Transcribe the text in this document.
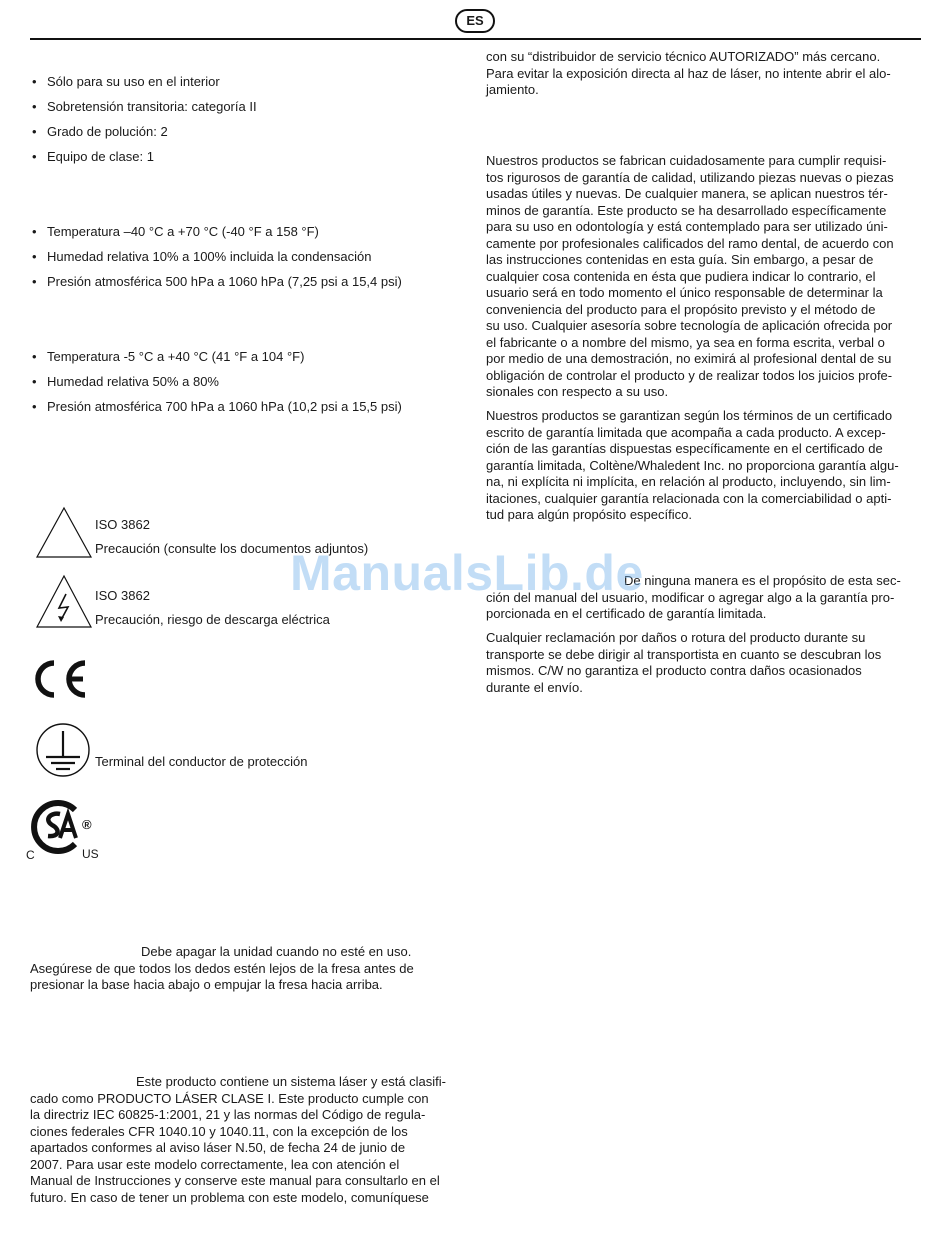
ES
• Sólo para su uso en el interior
• Sobretensión transitoria: categoría II
• Grado de polución: 2
• Equipo de clase: 1
• Temperatura –40 °C a +70 °C (-40 °F a 158 °F)
• Humedad relativa 10% a 100% incluida la condensación
• Presión atmosférica 500 hPa a 1060 hPa (7,25 psi a 15,4 psi)
• Temperatura -5 °C a +40 °C (41 °F a 104 °F)
• Humedad relativa 50% a 80%
• Presión atmosférica 700 hPa a 1060 hPa (10,2 psi a 15,5 psi)
ISO 3862
Precaución (consulte los documentos adjuntos)
ISO 3862
Precaución, riesgo de descarga eléctrica
Terminal del conductor de protección
®
C	US
Debe apagar la unidad cuando no esté en uso.
Asegúrese de que todos los dedos estén lejos de la fresa antes de
presionar la base hacia abajo o empujar la fresa hacia arriba.
Este producto contiene un sistema láser y está clasifi-
cado como PRODUCTO LÁSER CLASE I. Este producto cumple con
la directriz IEC 60825-1:2001, 21 y las normas del Código de regula-
ciones federales CFR 1040.10 y 1040.11, con la excepción de los
apartados conformes al aviso láser N.50, de fecha 24 de junio de
2007. Para usar este modelo correctamente, lea con atención el
Manual de Instrucciones y conserve este manual para consultarlo en el
futuro. En caso de tener un problema con este modelo, comuníquese
con su “distribuidor de servicio técnico AUTORIZADO” más cercano.
Para evitar la exposición directa al haz de láser, no intente abrir el alo-
jamiento.
Nuestros productos se fabrican cuidadosamente para cumplir requisi-
tos rigurosos de garantía de calidad, utilizando piezas nuevas o piezas
usadas útiles y nuevas. De cualquier manera, se aplican nuestros tér-
minos de garantía. Este producto se ha desarrollado específicamente
para su uso en odontología y está contemplado para ser utilizado úni-
camente por profesionales calificados del ramo dental, de acuerdo con
las instrucciones contenidas en esta guía. Sin embargo, a pesar de
cualquier cosa contenida en ésta que pudiera indicar lo contrario, el
usuario será en todo momento el único responsable de determinar la
conveniencia del producto para el propósito previsto y el método de
su uso. Cualquier asesoría sobre tecnología de aplicación ofrecida por
el fabricante o a nombre del mismo, ya sea en forma escrita, verbal o
por medio de una demostración, no eximirá al profesional dental de su
obligación de controlar el producto y de realizar todos los juicios profe-
sionales con respecto a su uso.
Nuestros productos se garantizan según los términos de un certificado
escrito de garantía limitada que acompaña a cada producto. A excep-
ción de las garantías dispuestas específicamente en el certificado de
garantía limitada, Coltène/Whaledent Inc. no proporciona garantía algu-
na, ni explícita ni implícita, en relación al producto, incluyendo, sin lim-
itaciones, cualquier garantía relacionada con la comerciabilidad o apti-
tud para algún propósito específico.
De ninguna manera es el propósito de esta sec-
ción del manual del usuario, modificar o agregar algo a la garantía pro-
porcionada en el certificado de garantía limitada.
Cualquier reclamación por daños o rotura del producto durante su
transporte se debe dirigir al transportista en cuanto se descubran los
mismos. C/W no garantiza el producto contra daños ocasionados
durante el envío.
ManualsLib.de
